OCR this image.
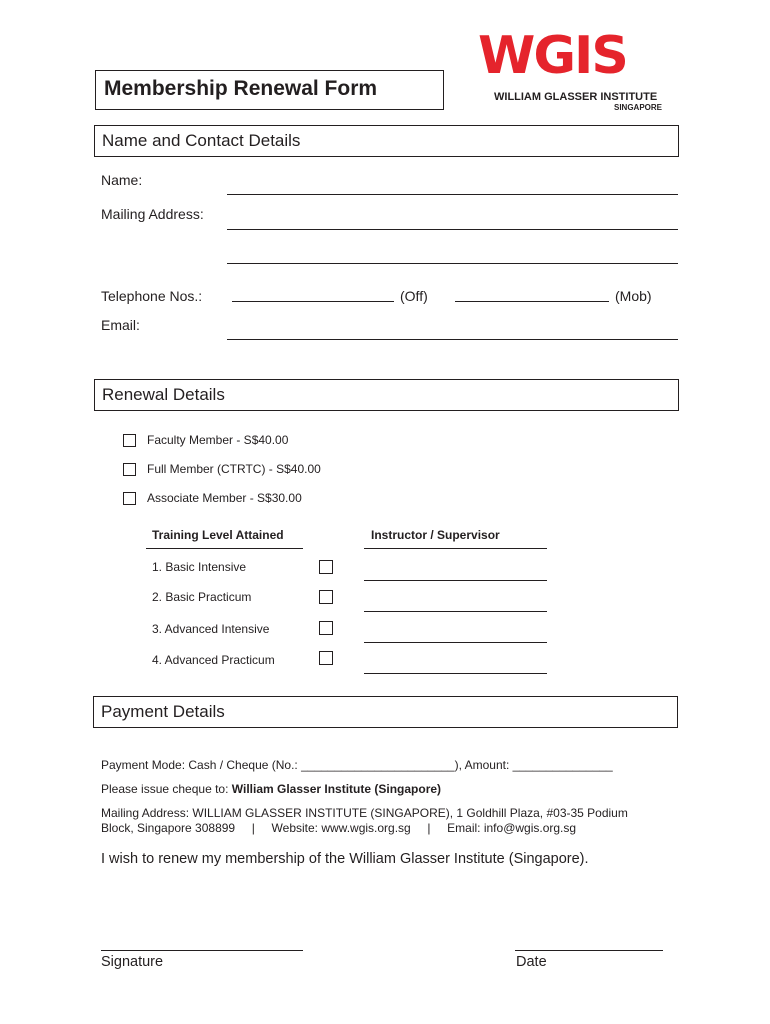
Membership Renewal Form
WGIS
WILLIAM GLASSER INSTITUTE
SINGAPORE
Name and Contact Details
Name:
Mailing Address:
Telephone Nos.:	(Off)	(Mob)
Email:
Renewal Details
Faculty Member - S$40.00
Full Member (CTRTC) - S$40.00
Associate Member - S$30.00
Training Level Attained	Instructor / Supervisor
1. Basic Intensive
2. Basic Practicum
3. Advanced Intensive
4. Advanced Practicum
Payment Details
Payment Mode: Cash / Cheque (No.: _______________________), Amount: _______________
Please issue cheque to: William Glasser Institute (Singapore)
Mailing Address: WILLIAM GLASSER INSTITUTE (SINGAPORE), 1 Goldhill Plaza, #03-35 Podium
Block, Singapore 308899     |     Website: www.wgis.org.sg     |     Email: info@wgis.org.sg
I wish to renew my membership of the William Glasser Institute (Singapore).
Signature	Date
